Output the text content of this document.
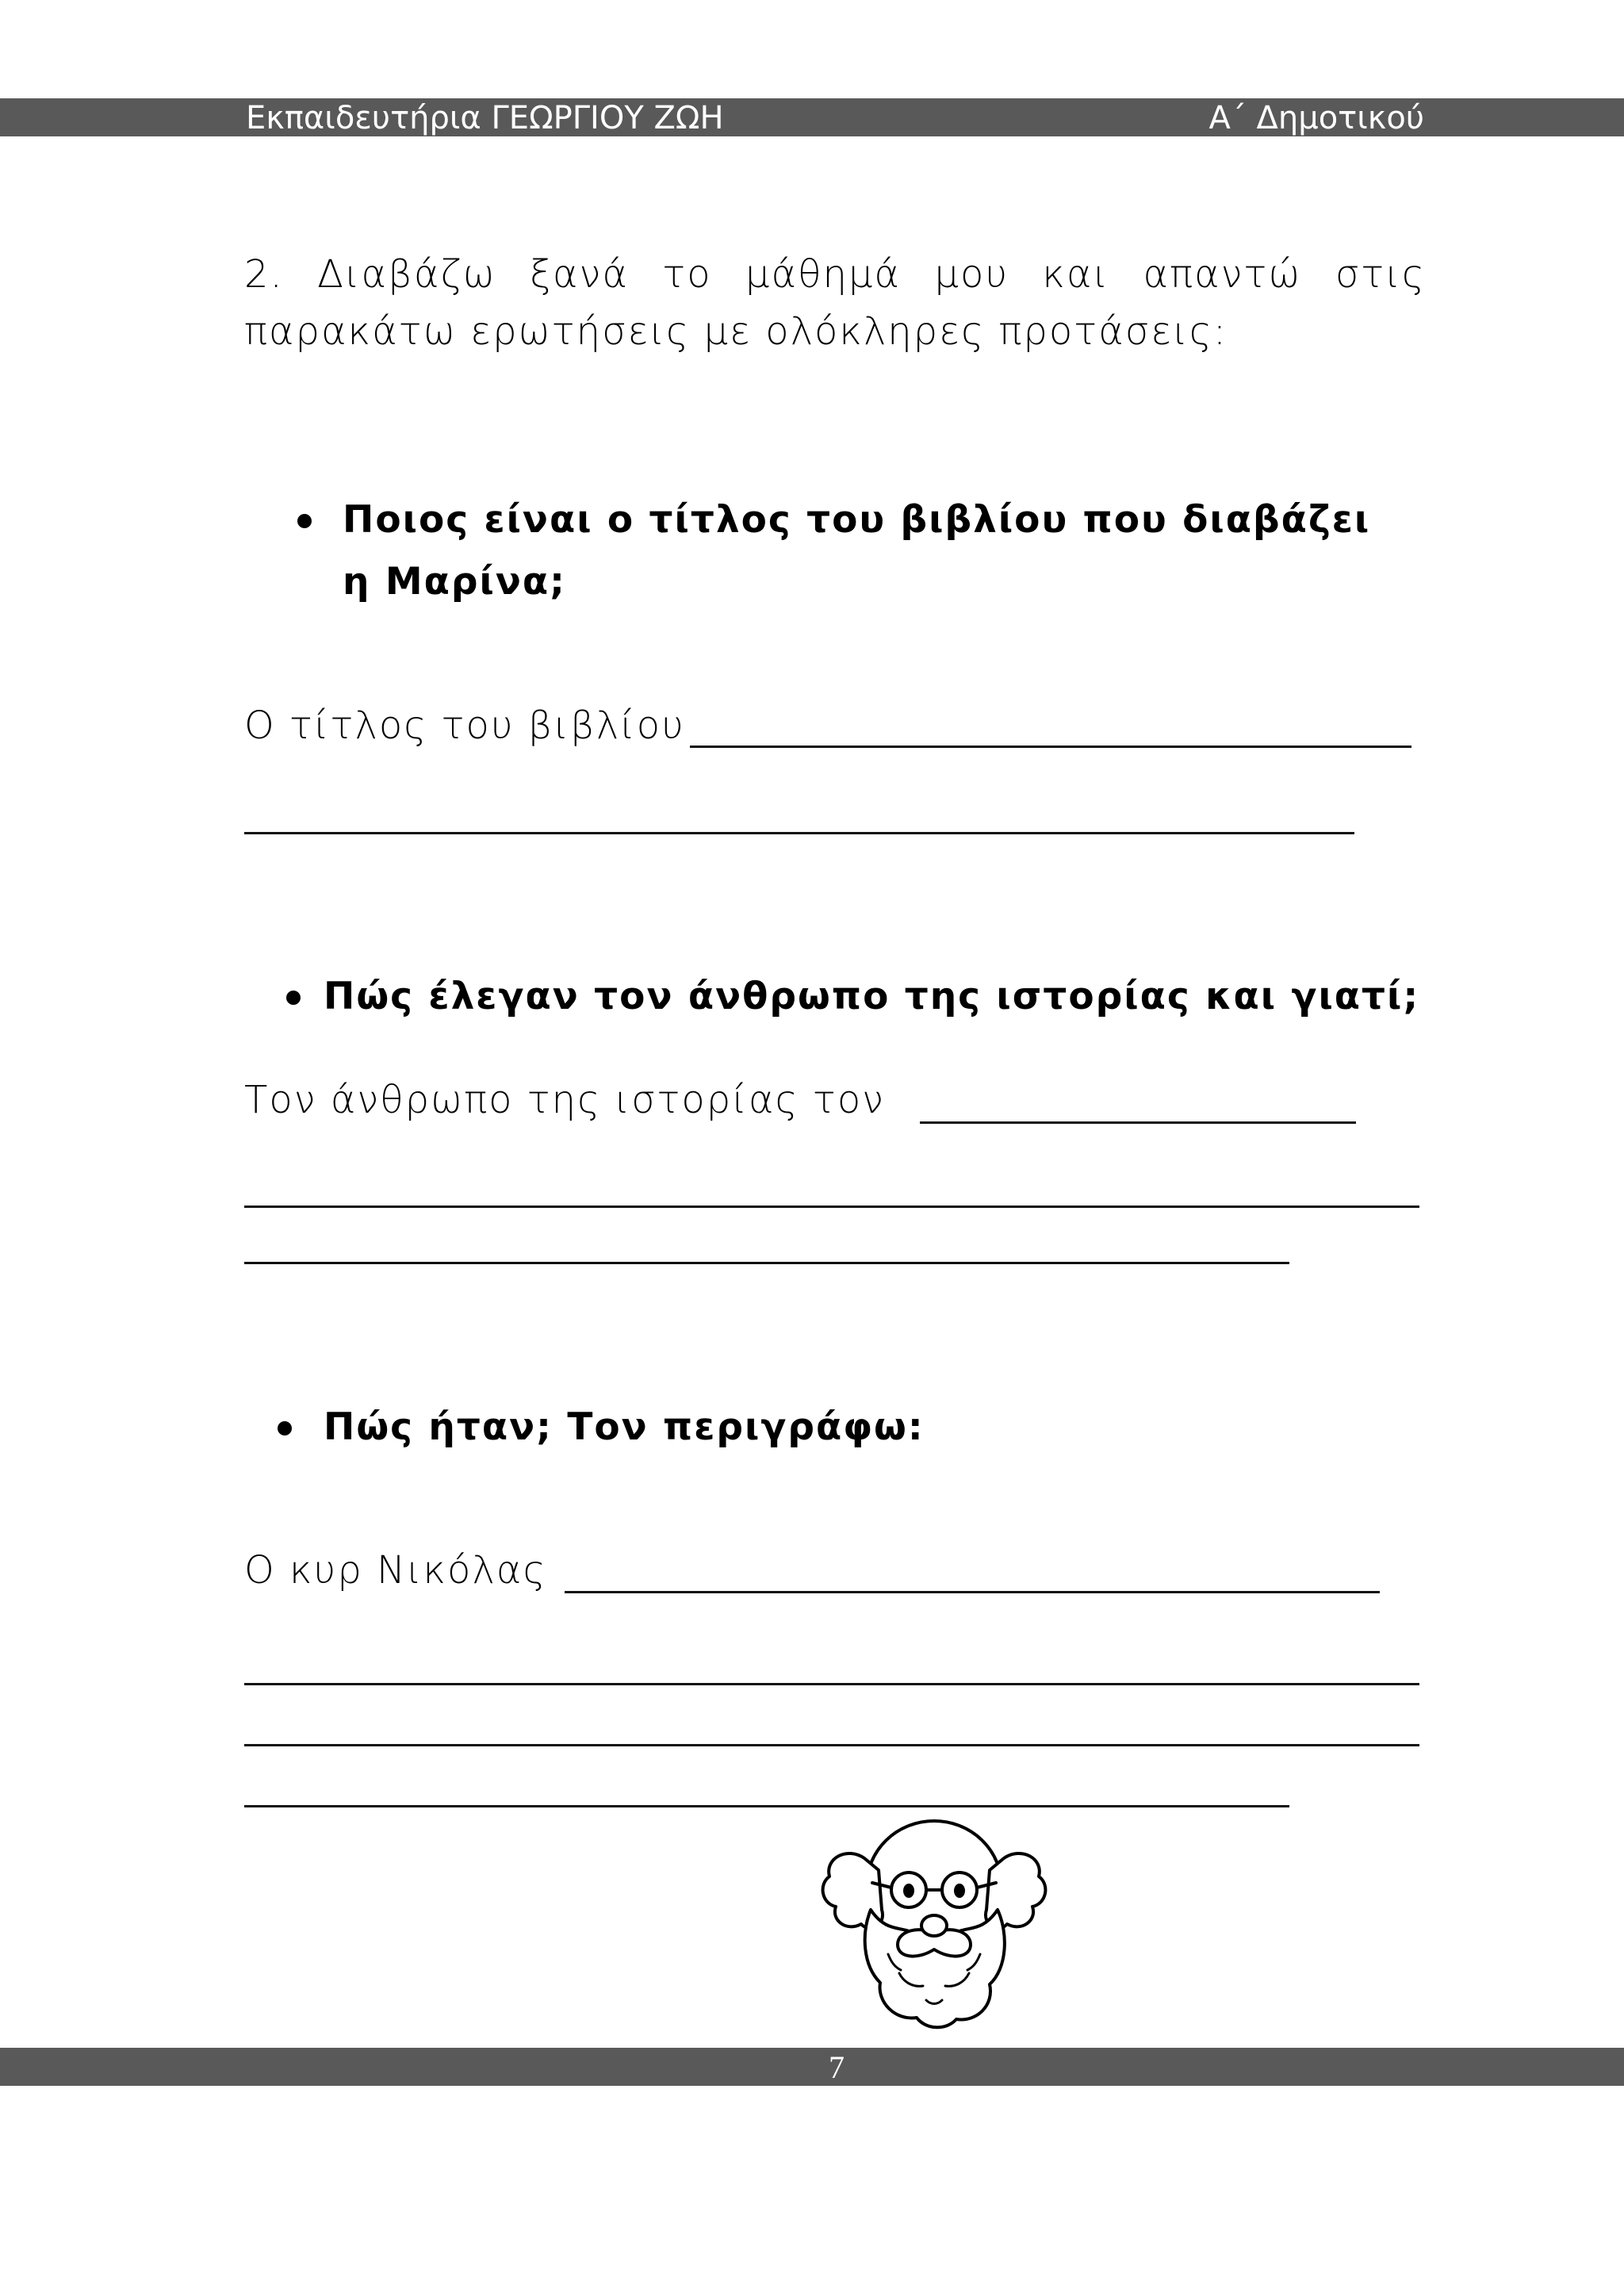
Εκπαιδευτήρια ΓΕΩΡΓΙΟΥ ΖΩΗ	Α΄ Δημοτικού
2. Διαβάζω ξανά το μάθημά μου και απαντώ στις παρακάτω ερωτήσεις με ολόκληρες προτάσεις:
Ποιος είναι ο τίτλος του βιβλίου που διαβάζει η Μαρίνα;
Ο τίτλος του βιβλίου
Πώς έλεγαν τον άνθρωπο της ιστορίας και γιατί;
Τον άνθρωπο της ιστορίας τον
Πώς ήταν; Τον περιγράφω:
Ο κυρ Νικόλας
7
